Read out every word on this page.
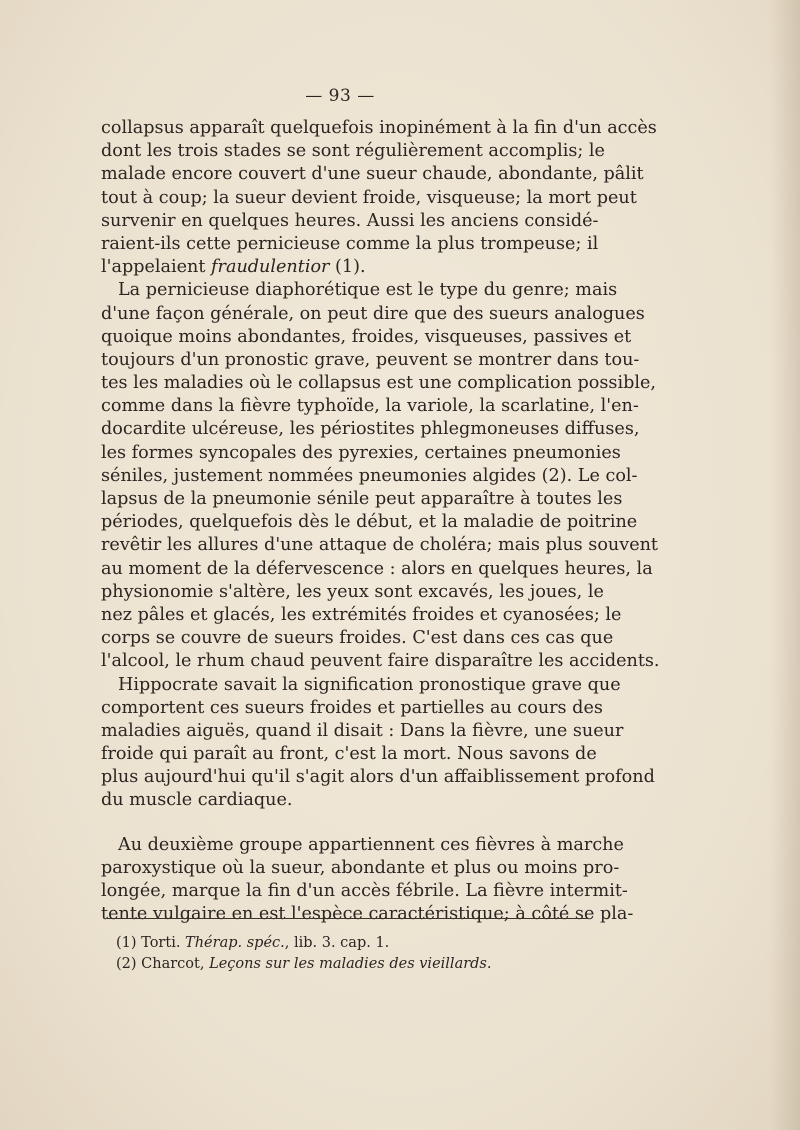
— 93 —
collapsus apparaît quelquefois inopinément à la fin d'un accès
dont les trois stades se sont régulièrement accomplis; le
malade encore couvert d'une sueur chaude, abondante, pâlit
tout à coup; la sueur devient froide, visqueuse; la mort peut
survenir en quelques heures. Aussi les anciens considé-
raient-ils cette pernicieuse comme la plus trompeuse; il
l'appelaient fraudulentior (1).
La pernicieuse diaphorétique est le type du genre; mais
d'une façon générale, on peut dire que des sueurs analogues
quoique moins abondantes, froides, visqueuses, passives et
toujours d'un pronostic grave, peuvent se montrer dans tou-
tes les maladies où le collapsus est une complication possible,
comme dans la fièvre typhoïde, la variole, la scarlatine, l'en-
docardite ulcéreuse, les périostites phlegmoneuses diffuses,
les formes syncopales des pyrexies, certaines pneumonies
séniles, justement nommées pneumonies algides (2). Le col-
lapsus de la pneumonie sénile peut apparaître à toutes les
périodes, quelquefois dès le début, et la maladie de poitrine
revêtir les allures d'une attaque de choléra; mais plus souvent
au moment de la défervescence : alors en quelques heures, la
physionomie s'altère, les yeux sont excavés, les joues, le
nez pâles et glacés, les extrémités froides et cyanosées; le
corps se couvre de sueurs froides. C'est dans ces cas que
l'alcool, le rhum chaud peuvent faire disparaître les accidents.
Hippocrate savait la signification pronostique grave que
comportent ces sueurs froides et partielles au cours des
maladies aiguës, quand il disait : Dans la fièvre, une sueur
froide qui paraît au front, c'est la mort. Nous savons de
plus aujourd'hui qu'il s'agit alors d'un affaiblissement profond
du muscle cardiaque.
Au deuxième groupe appartiennent ces fièvres à marche
paroxystique où la sueur, abondante et plus ou moins pro-
longée, marque la fin d'un accès fébrile. La fièvre intermit-
tente vulgaire en est l'espèce caractéristique; à côté se pla-
(1) Torti. Thérap. spéc., lib. 3. cap. 1.
(2) Charcot, Leçons sur les maladies des vieillards.
